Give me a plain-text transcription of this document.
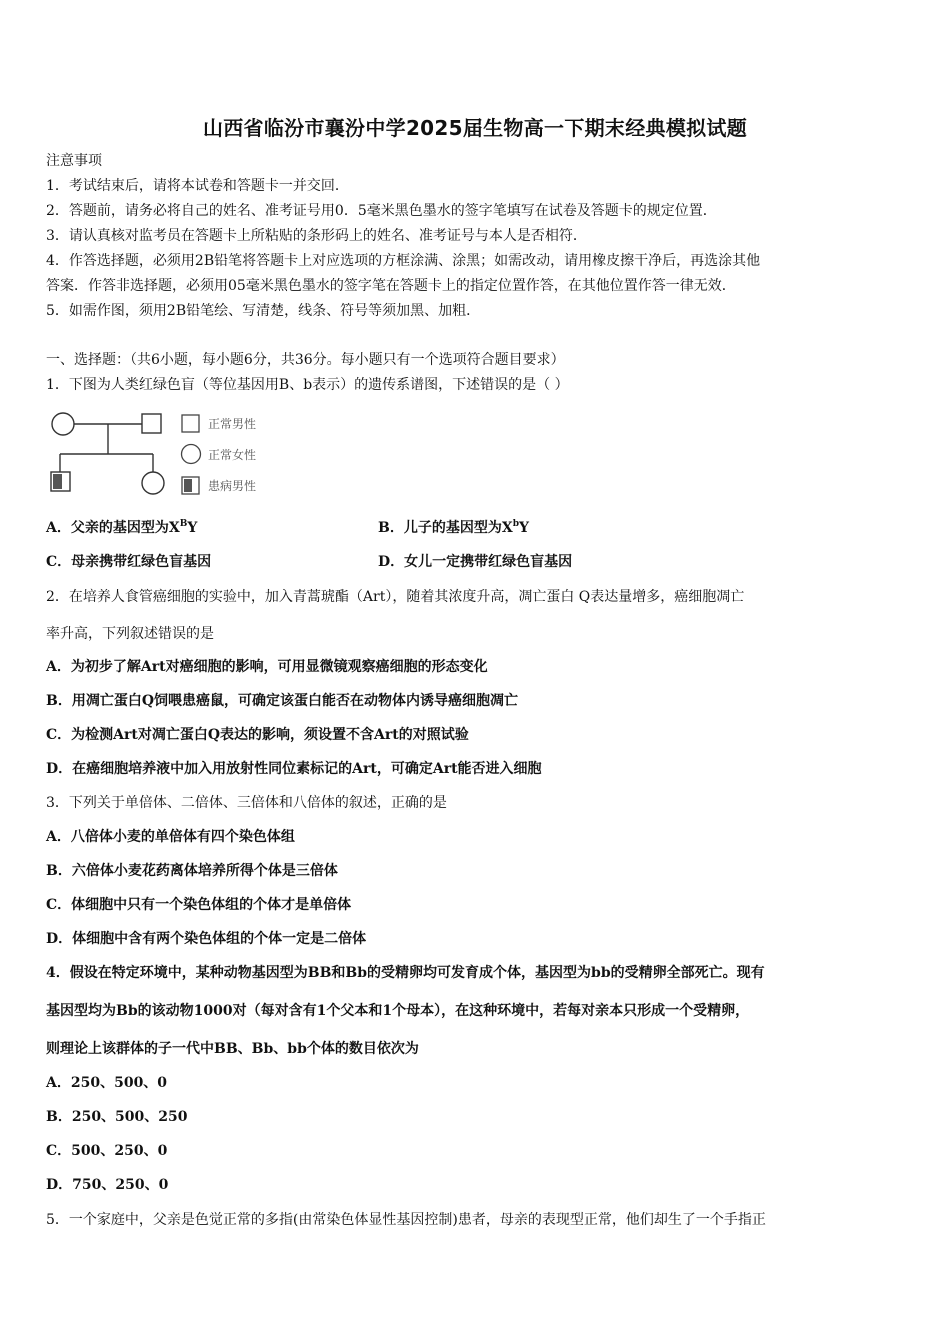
山西省临汾市襄汾中学2025届生物高一下期末经典模拟试题
注意事项
1．考试结束后，请将本试卷和答题卡一并交回．
2．答题前，请务必将自己的姓名、准考证号用0．5毫米黑色墨水的签字笔填写在试卷及答题卡的规定位置．
3．请认真核对监考员在答题卡上所粘贴的条形码上的姓名、准考证号与本人是否相符．
4．作答选择题，必须用2B铅笔将答题卡上对应选项的方框涂满、涂黑；如需改动，请用橡皮擦干净后，再选涂其他
答案．作答非选择题，必须用05毫米黑色墨水的签字笔在答题卡上的指定位置作答，在其他位置作答一律无效．
5．如需作图，须用2B铅笔绘、写清楚，线条、符号等须加黑、加粗．
一、选择题：（共6小题，每小题6分，共36分。每小题只有一个选项符合题目要求）
1．下图为人类红绿色盲（等位基因用B、b表示）的遗传系谱图，下述错误的是（ ）
正常男性
正常女性
患病男性
A．父亲的基因型为$X^BY$	B．儿子的基因型为$X^bY$
C．母亲携带红绿色盲基因	D．女儿一定携带红绿色盲基因
2．在培养人食管癌细胞的实验中，加入青蒿琥酯（Art），随着其浓度升高，凋亡蛋白 Q表达量增多，癌细胞凋亡
率升高，下列叙述错误的是
A．为初步了解Art对癌细胞的影响，可用显微镜观察癌细胞的形态变化
B．用凋亡蛋白Q饲喂患癌鼠，可确定该蛋白能否在动物体内诱导癌细胞凋亡
C．为检测Art对凋亡蛋白Q表达的影响，须设置不含Art的对照试验
D．在癌细胞培养液中加入用放射性同位素标记的Art，可确定Art能否进入细胞
3．下列关于单倍体、二倍体、三倍体和八倍体的叙述，正确的是
A．八倍体小麦的单倍体有四个染色体组
B．六倍体小麦花药离体培养所得个体是三倍体
C．体细胞中只有一个染色体组的个体才是单倍体
D．体细胞中含有两个染色体组的个体一定是二倍体
4．假设在特定环境中，某种动物基因型为BB和Bb的受精卵均可发育成个体，基因型为bb的受精卵全部死亡。现有
基因型均为Bb的该动物1000对（每对含有1个父本和1个母本），在这种环境中，若每对亲本只形成一个受精卵，
则理论上该群体的子一代中BB、Bb、bb个体的数目依次为
A．250、500、0
B．250、500、250
C．500、250、0
D．750、250、0
5．一个家庭中，父亲是色觉正常的多指(由常染色体显性基因控制)患者，母亲的表现型正常，他们却生了一个手指正
